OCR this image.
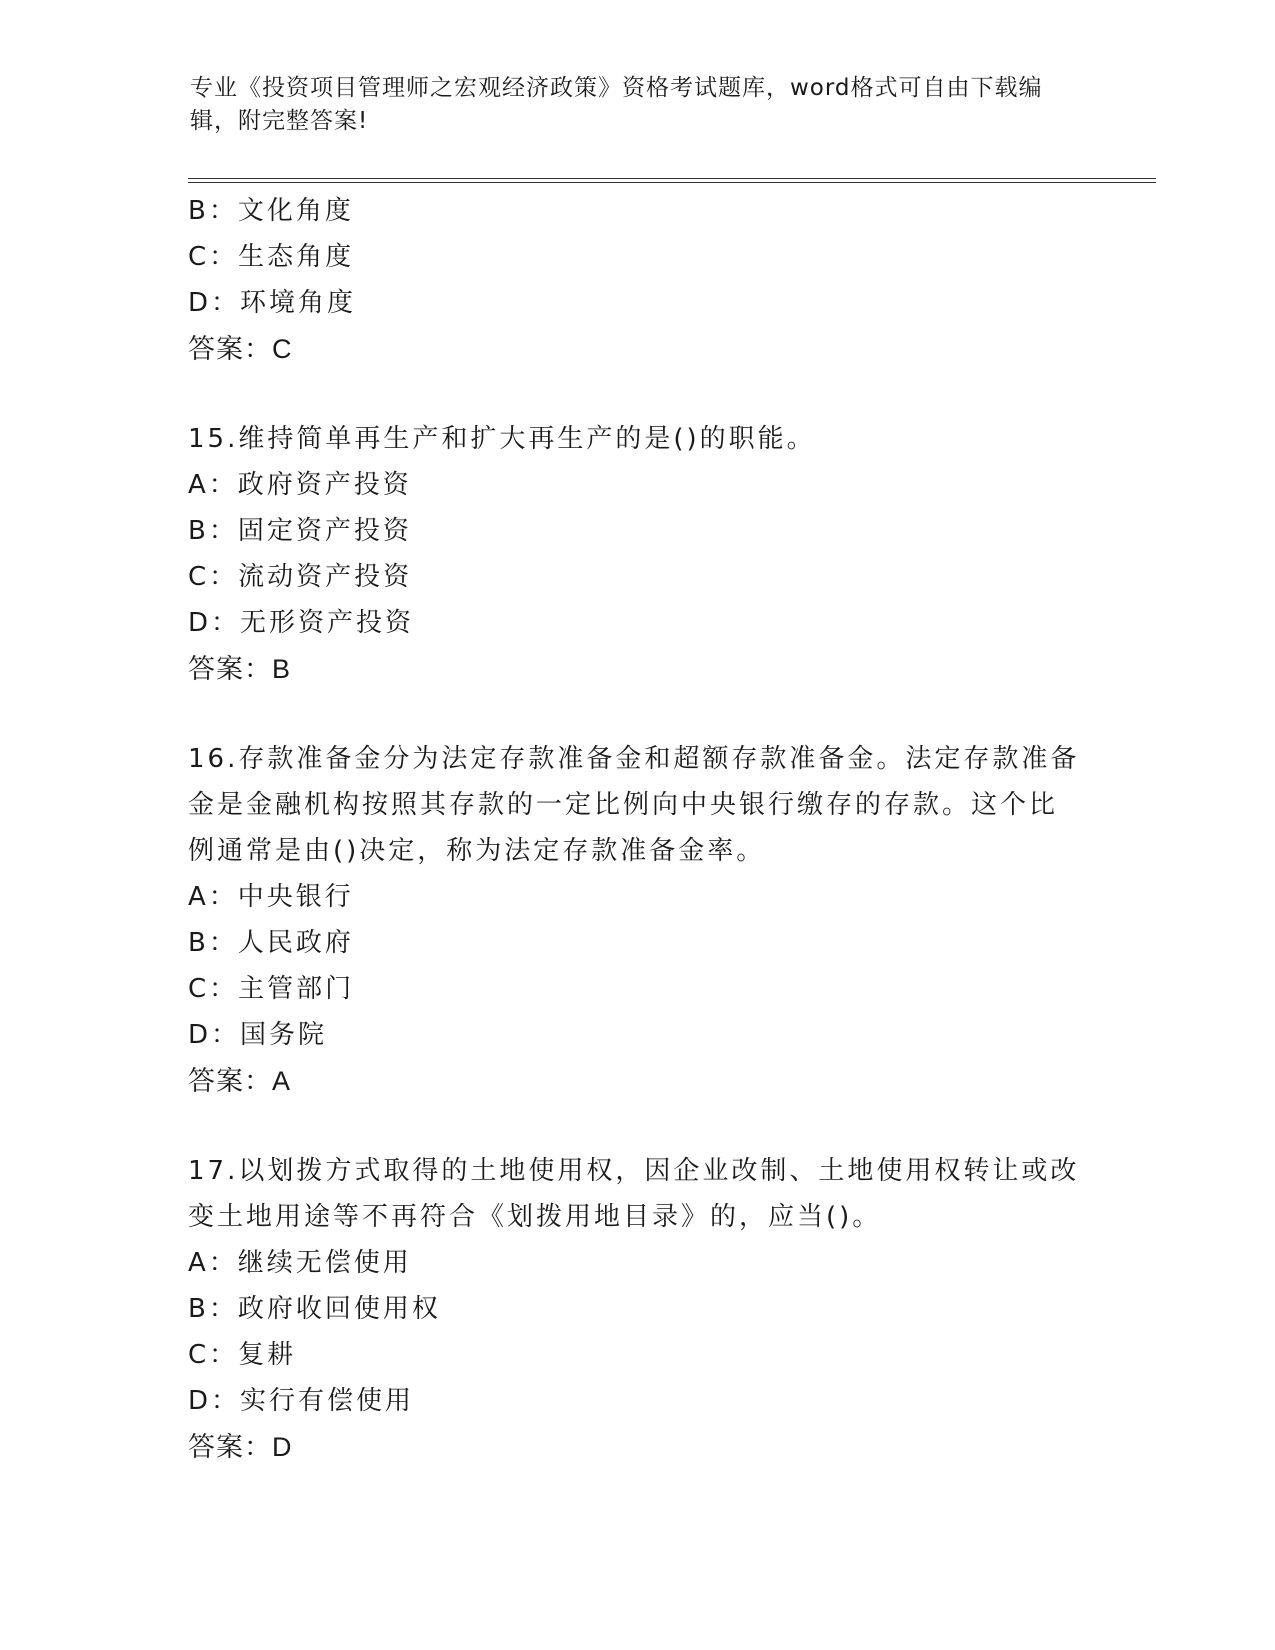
专业《投资项目管理师之宏观经济政策》资格考试题库，word格式可自由下载编
辑，附完整答案!
B：文化角度
C：生态角度
D：环境角度
答案：C
15.维持简单再生产和扩大再生产的是()的职能。
A：政府资产投资
B：固定资产投资
C：流动资产投资
D：无形资产投资
答案：B
16.存款准备金分为法定存款准备金和超额存款准备金。法定存款准备
金是金融机构按照其存款的一定比例向中央银行缴存的存款。这个比
例通常是由()决定，称为法定存款准备金率。
A：中央银行
B：人民政府
C：主管部门
D：国务院
答案：A
17.以划拨方式取得的土地使用权，因企业改制、土地使用权转让或改
变土地用途等不再符合《划拨用地目录》的，应当()。
A：继续无偿使用
B：政府收回使用权
C：复耕
D：实行有偿使用
答案：D
